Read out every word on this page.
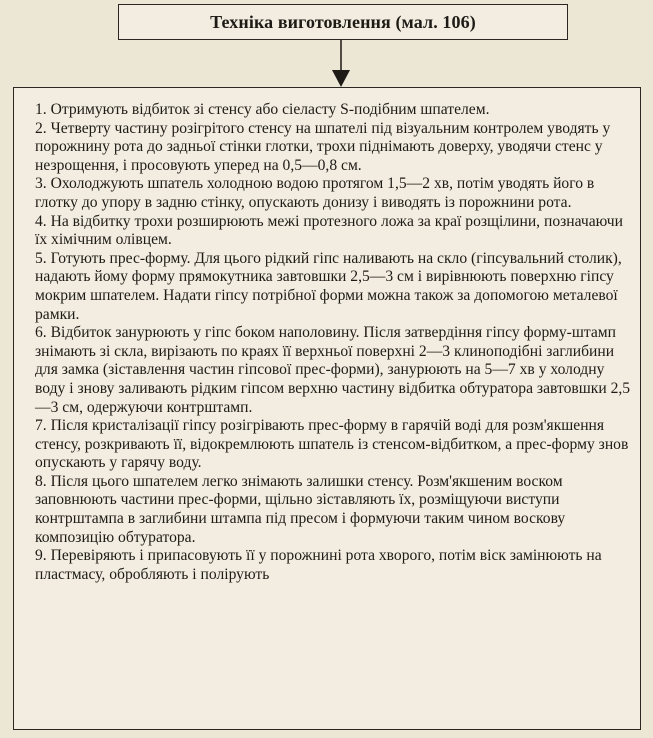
Техніка виготовлення (мал. 106)

1. Отримують відбиток зі стенсу або сіеласту S-подібним шпателем.

2. Четверту частину розігрітого стенсу на шпателі під візуальним контролем уводять у порожнину рота до задньої стінки глотки, трохи піднімають доверху, уводячи стенс у незрощення, і просовують уперед на 0,5—0,8 см.

3. Охолоджують шпатель холодною водою протягом 1,5—2 хв, потім уводять його в глотку до упору в задню стінку, опускають донизу і виводять із порожнини рота.

4. На відбитку трохи розширюють межі протезного ложа за краї розщілини, позначаючи їх хімічним олівцем.

5. Готують прес-форму. Для цього рідкий гіпс наливають на скло (гіпсувальний столик), надають йому форму прямокутника завтовшки 2,5—3 см і вирівнюють поверхню гіпсу мокрим шпателем. Надати гіпсу потрібної форми можна також за допомогою металевої рамки.

6. Відбиток занурюють у гіпс боком наполовину. Після затвердіння гіпсу форму-штамп знімають зі скла, вирізають по краях її верхньої поверхні 2—3 клиноподібні заглибини для замка (зіставлення частин гіпсової прес-форми), занурюють на 5—7 хв у холодну воду і знову заливають рідким гіпсом верхню частину відбитка обтуратора завтовшки 2,5—3 см, одержуючи контрштамп.

7. Після кристалізації гіпсу розігрівають прес-форму в гарячій воді для розм'якшення стенсу, розкривають її, відокремлюють шпатель із стенсом-відбитком, а прес-форму знов опускають у гарячу воду.

8. Після цього шпателем легко знімають залишки стенсу. Розм'якшеним воском заповнюють частини прес-форми, щільно зіставляють їх, розміщуючи виступи контрштампа в заглибини штампа під пресом і формуючи таким чином воскову композицію обтуратора.

9. Перевіряють і припасовують її у порожнині рота хворого, потім віск замінюють на пластмасу, обробляють і полірують
